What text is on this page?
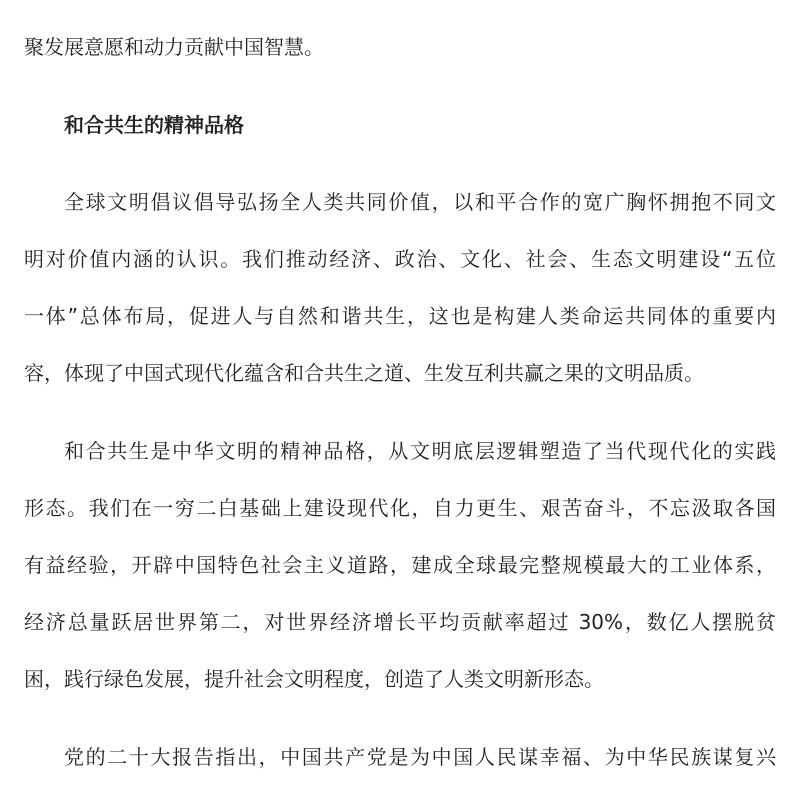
聚发展意愿和动力贡献中国智慧。
和合共生的精神品格
全球文明倡议倡导弘扬全人类共同价值，以和平合作的宽广胸怀拥抱不同文
明对价值内涵的认识。我们推动经济、政治、文化、社会、生态文明建设“五位
一体”总体布局，促进人与自然和谐共生，这也是构建人类命运共同体的重要内
容，体现了中国式现代化蕴含和合共生之道、生发互利共赢之果的文明品质。
和合共生是中华文明的精神品格，从文明底层逻辑塑造了当代现代化的实践
形态。我们在一穷二白基础上建设现代化，自力更生、艰苦奋斗，不忘汲取各国
有益经验，开辟中国特色社会主义道路，建成全球最完整规模最大的工业体系，
经济总量跃居世界第二，对世界经济增长平均贡献率超过 30%，数亿人摆脱贫
困，践行绿色发展，提升社会文明程度，创造了人类文明新形态。
党的二十大报告指出，中国共产党是为中国人民谋幸福、为中华民族谋复兴
